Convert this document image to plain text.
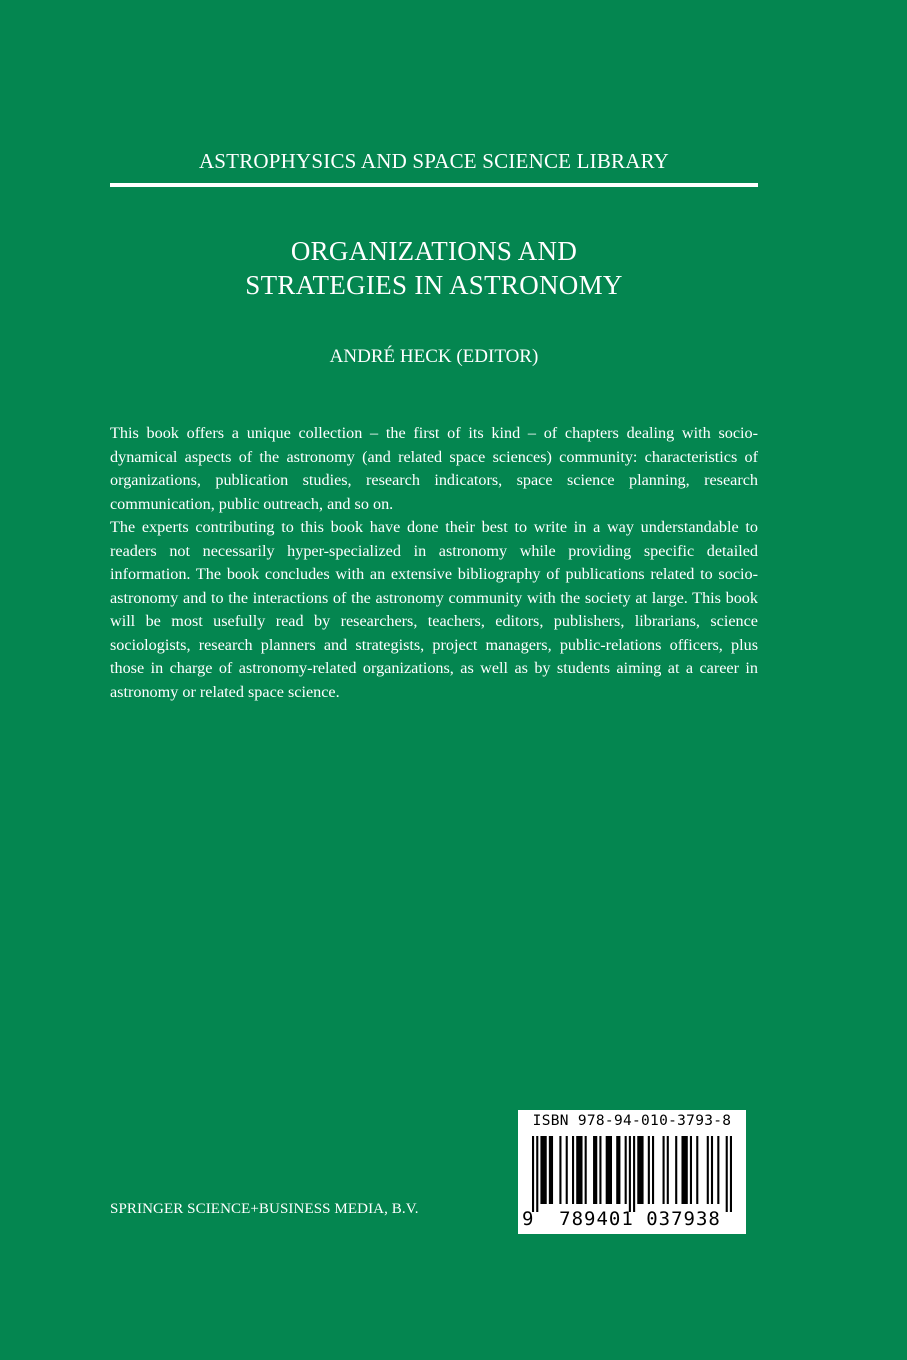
ASTROPHYSICS AND SPACE SCIENCE LIBRARY
ORGANIZATIONS AND
STRATEGIES IN ASTRONOMY
ANDRÉ HECK (EDITOR)

This book offers a unique collection – the first of its kind – of chapters dealing with socio-dynamical aspects of the astronomy (and related space sciences) community: characteristics of organizations, publication studies, research indicators, space science planning, research communication, public outreach, and so on.

The experts contributing to this book have done their best to write in a way understandable to readers not necessarily hyper-specialized in astronomy while providing specific detailed information. The book concludes with an extensive bibliography of publications related to socio-astronomy and to the interactions of the astronomy community with the society at large. This book will be most usefully read by researchers, teachers, editors, publishers, librarians, science sociologists, research planners and strategists, project managers, public-relations officers, plus those in charge of astronomy-related organizations, as well as by students aiming at a career in astronomy or related space science.

SPRINGER SCIENCE+BUSINESS MEDIA, B.V.
ISBN 978-94-010-3793-8
9	789401 037938
